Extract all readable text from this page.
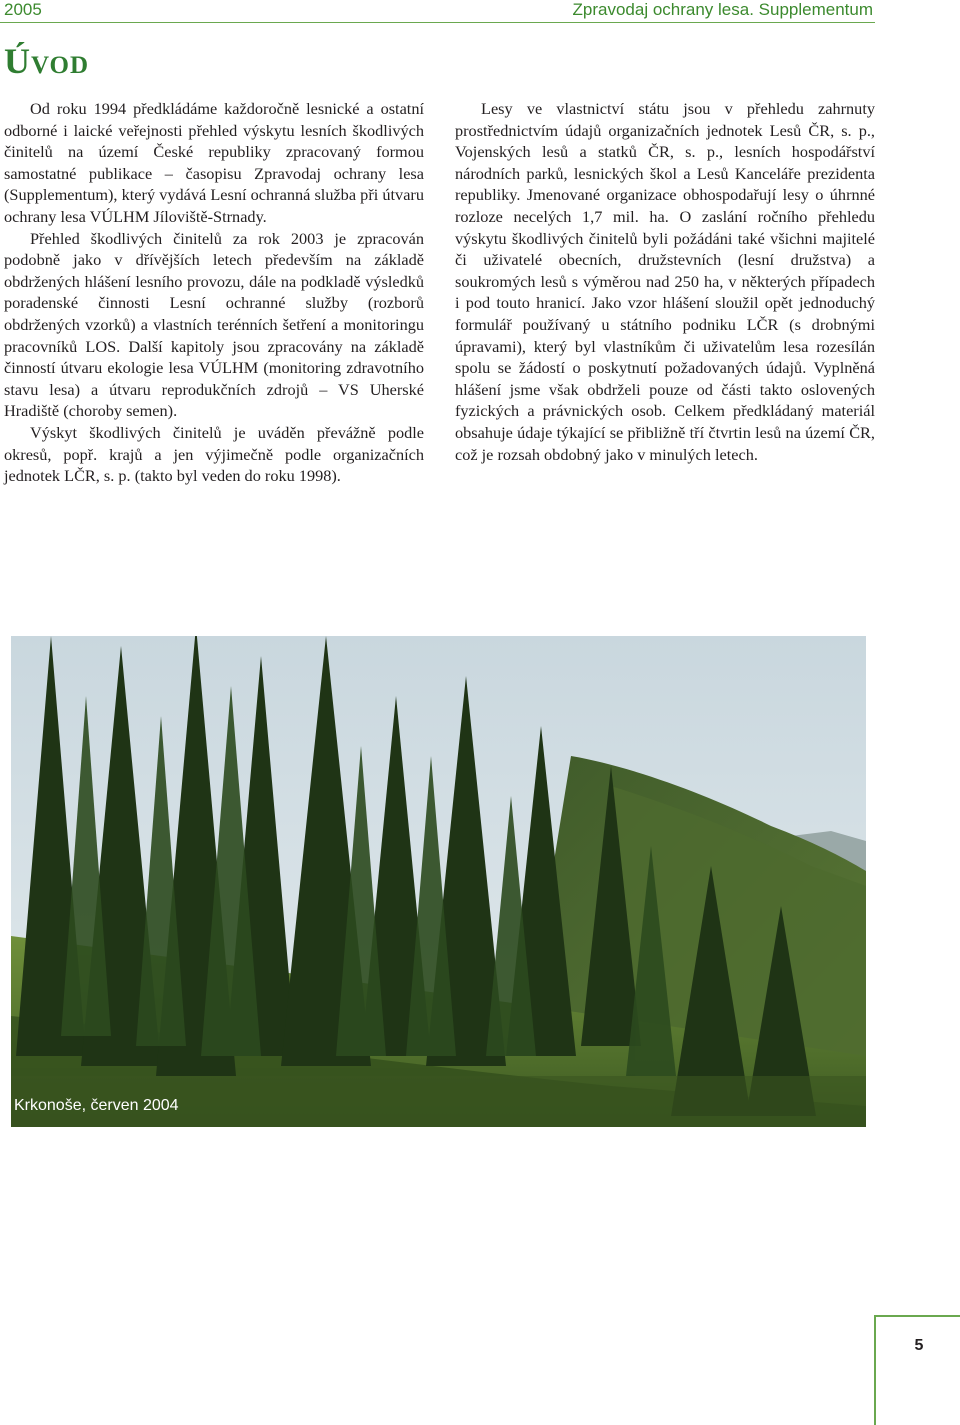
2005	Zpravodaj ochrany lesa. Supplementum
Úvod

Od roku 1994 předkládáme každoročně lesnické a ostatní odborné i laické veřejnosti přehled výskytu lesních škodlivých činitelů na území České republiky zpracovaný formou samostatné publikace – časopisu Zpravodaj ochrany lesa (Supplementum), který vydává Lesní ochranná služba při útvaru ochrany lesa VÚLHM Jíloviště-Strnady.

Přehled škodlivých činitelů za rok 2003 je zpracován podobně jako v dřívějších letech především na základě obdržených hlášení lesního provozu, dále na podkladě výsledků poradenské činnosti Lesní ochranné služby (rozborů obdržených vzorků) a vlastních terénních šetření a monitoringu pracovníků LOS. Další kapitoly jsou zpracovány na základě činností útvaru ekologie lesa VÚLHM (monitoring zdravotního stavu lesa) a útvaru reprodukčních zdrojů – VS Uherské Hradiště (choroby semen).

Výskyt škodlivých činitelů je uváděn převážně podle okresů, popř. krajů a jen výjimečně podle organizačních jednotek LČR, s. p. (takto byl veden do roku 1998).

Lesy ve vlastnictví státu jsou v přehledu zahrnuty prostřednictvím údajů organizačních jednotek Lesů ČR, s. p., Vojenských lesů a statků ČR, s. p., lesních hospodářství národních parků, lesnických škol a Lesů Kanceláře prezidenta republiky. Jmenované organizace obhospodařují lesy o úhrnné rozloze necelých 1,7 mil. ha. O zaslání ročního přehledu výskytu škodlivých činitelů byli požádáni také všichni majitelé či uživatelé obecních, družstevních (lesní družstva) a soukromých lesů s výměrou nad 250 ha, v některých případech i pod touto hranicí. Jako vzor hlášení sloužil opět jednoduchý formulář používaný u státního podniku LČR (s drobnými úpravami), který byl vlastníkům či uživatelům lesa rozesílán spolu se žádostí o poskytnutí požadovaných údajů. Vyplněná hlášení jsme však obdrželi pouze od části takto oslovených fyzických a právnických osob. Celkem předkládaný materiál obsahuje údaje týkající se přibližně tří čtvrtin lesů na území ČR, což je rozsah obdobný jako v minulých letech.

Krkonoše, červen 2004
5
